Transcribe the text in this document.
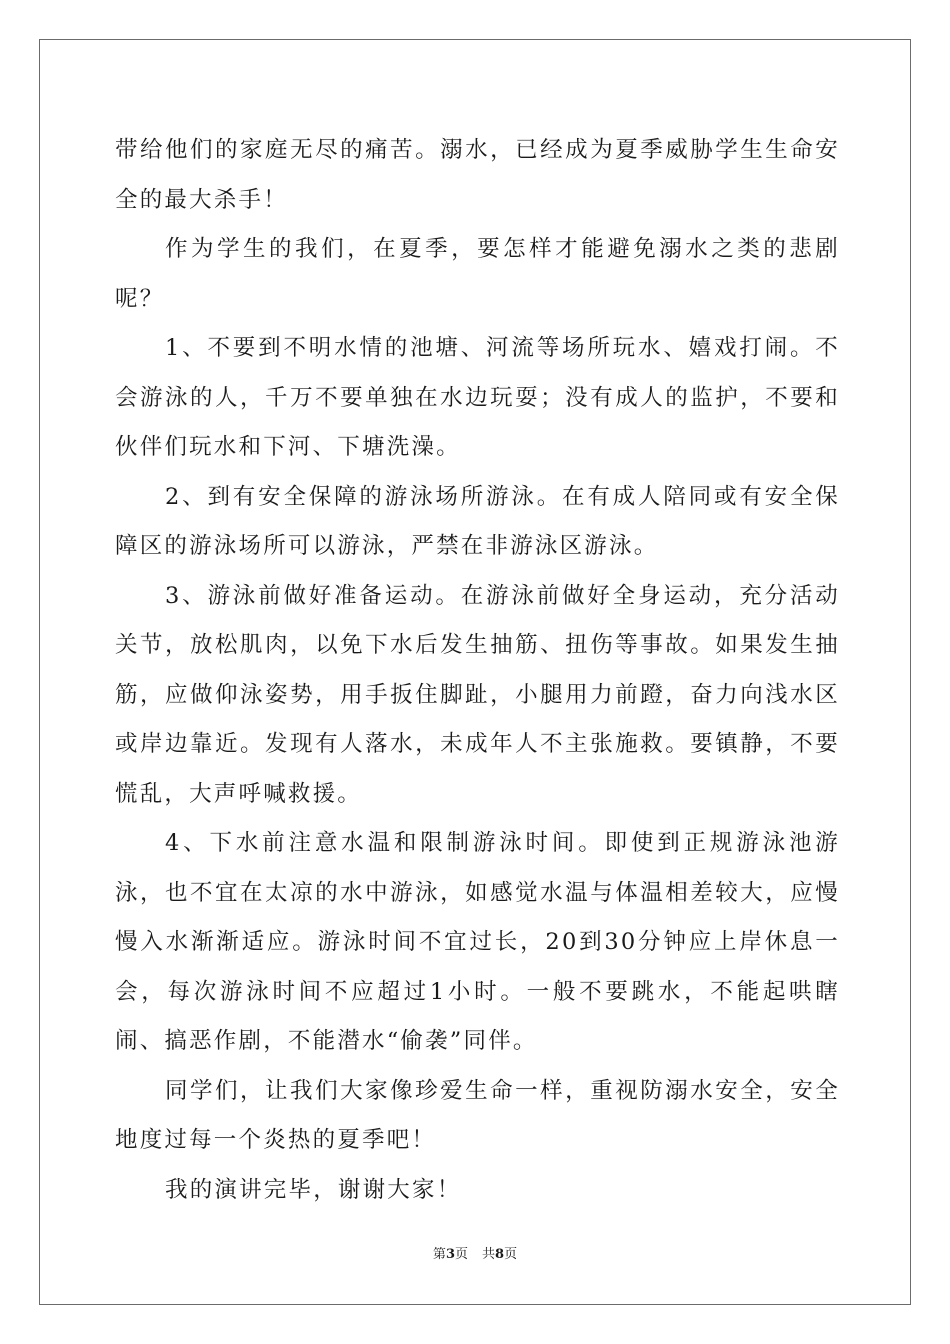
带给他们的家庭无尽的痛苦。溺水，已经成为夏季威胁学生生命安全的最大杀手！

作为学生的我们，在夏季，要怎样才能避免溺水之类的悲剧呢？

1、不要到不明水情的池塘、河流等场所玩水、嬉戏打闹。不会游泳的人，千万不要单独在水边玩耍；没有成人的监护，不要和伙伴们玩水和下河、下塘洗澡。

2、到有安全保障的游泳场所游泳。在有成人陪同或有安全保障区的游泳场所可以游泳，严禁在非游泳区游泳。

3、游泳前做好准备运动。在游泳前做好全身运动，充分活动关节，放松肌肉，以免下水后发生抽筋、扭伤等事故。如果发生抽筋，应做仰泳姿势，用手扳住脚趾，小腿用力前蹬，奋力向浅水区或岸边靠近。发现有人落水，未成年人不主张施救。要镇静，不要慌乱，大声呼喊救援。

4、下水前注意水温和限制游泳时间。即使到正规游泳池游泳，也不宜在太凉的水中游泳，如感觉水温与体温相差较大，应慢慢入水渐渐适应。游泳时间不宜过长，20到30分钟应上岸休息一会，每次游泳时间不应超过1小时。一般不要跳水，不能起哄瞎闹、搞恶作剧，不能潜水“偷袭”同伴。

同学们，让我们大家像珍爱生命一样，重视防溺水安全，安全地度过每一个炎热的夏季吧！

我的演讲完毕，谢谢大家！

第3页 共8页
